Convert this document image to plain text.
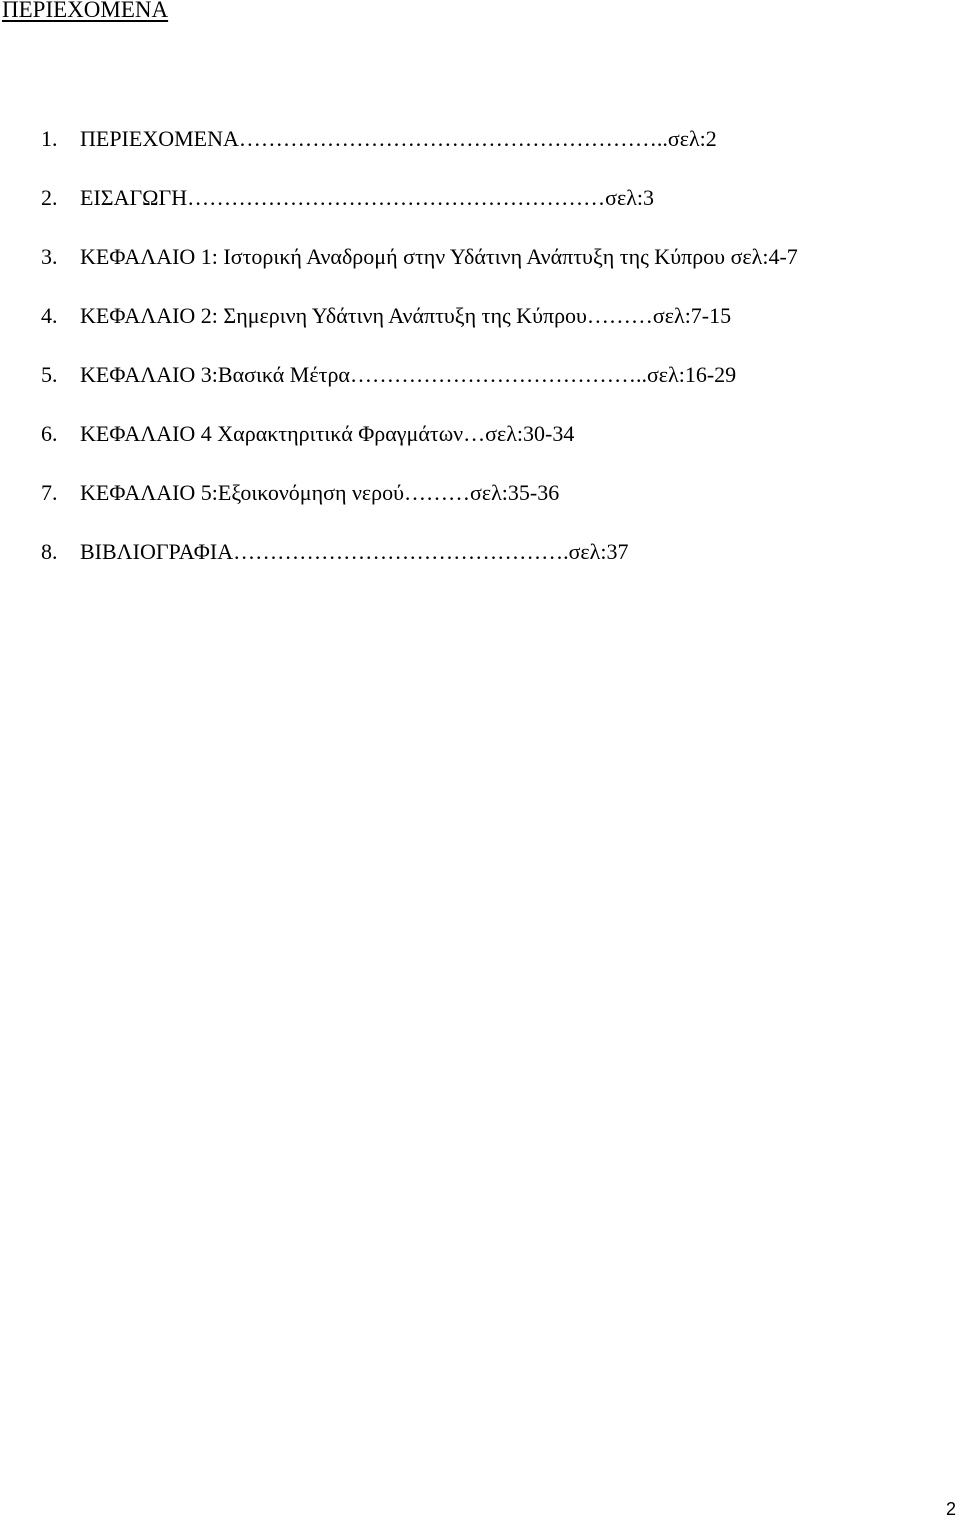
ΠΕΡΙΕΧΟΜΕΝΑ
1. ΠΕΡΙΕΧΟΜΕΝΑ…………………………………………………..σελ:2
2. ΕΙΣΑΓΩΓΗ…………………………………………………σελ:3
3. ΚΕΦΑΛΑΙΟ 1: Ιστορική Αναδρομή στην Υδάτινη Ανάπτυξη της Κύπρου σελ:4-7
4. ΚΕΦΑΛΑΙΟ 2: Σημερινη Υδάτινη Ανάπτυξη της Κύπρου………σελ:7-15
5. ΚΕΦΑΛΑΙΟ 3:Βασικά Μέτρα…………………………………..σελ:16-29
6. ΚΕΦΑΛΑΙΟ 4 Χαρακτηριτικά Φραγμάτων…σελ:30-34
7. ΚΕΦΑΛΑΙΟ 5:Εξοικονόμηση νερού………σελ:35-36
8. ΒΙΒΛΙΟΓΡΑΦΙΑ……………………………………….σελ:37
2
